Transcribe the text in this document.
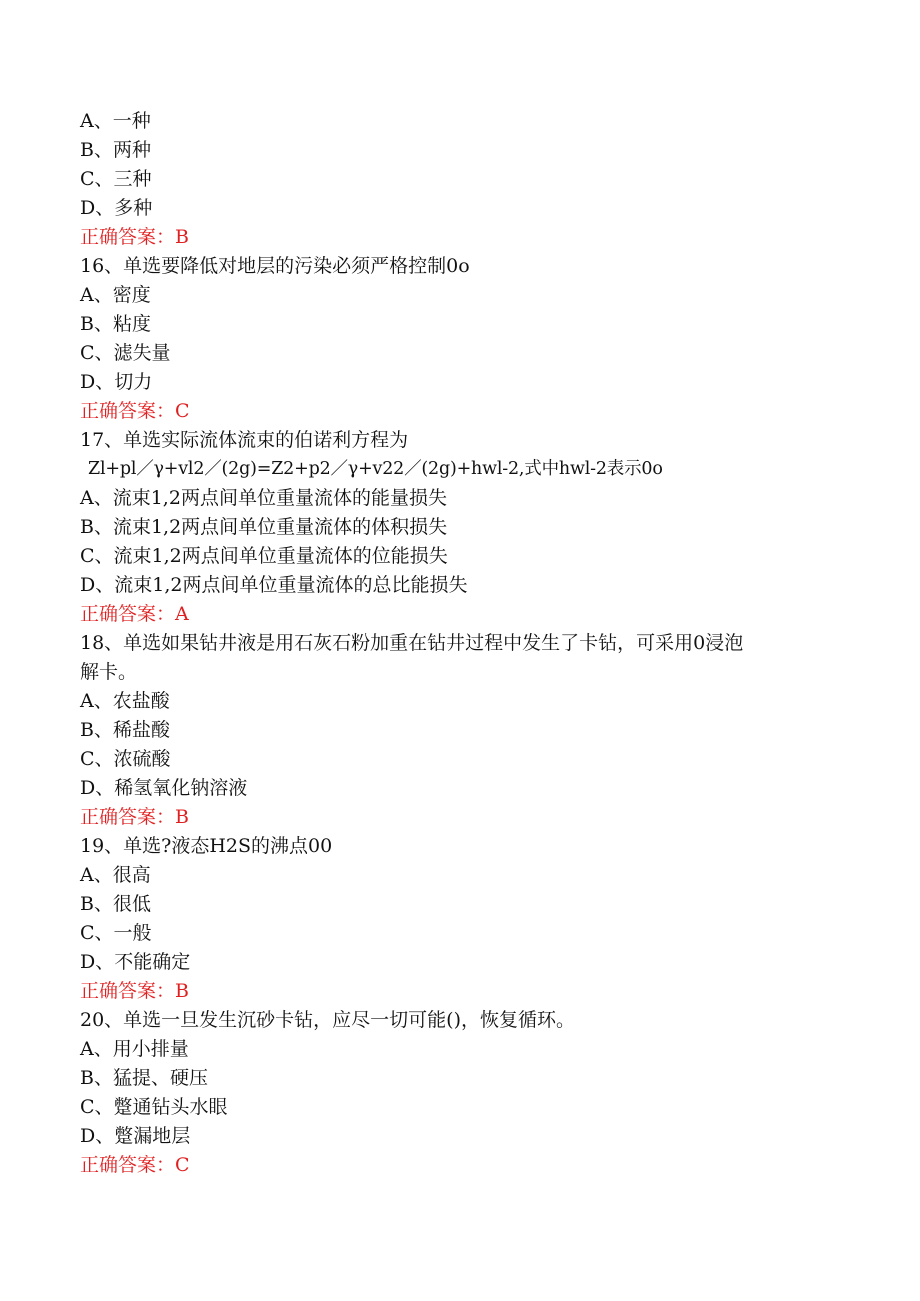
A、一种
B、两种
C、三种
D、多种
正确答案：B
16、单选要降低对地层的污染必须严格控制0o
A、密度
B、粘度
C、滤失量
D、切力
正确答案：C
17、单选实际流体流束的伯诺利方程为
Zl+pl／γ+vl2／(2g)=Z2+p2／γ+v22／(2g)+hwl-2,式中hwl-2表示0o
A、流束1,2两点间单位重量流体的能量损失
B、流束1,2两点间单位重量流体的体积损失
C、流束1,2两点间单位重量流体的位能损失
D、流束1,2两点间单位重量流体的总比能损失
正确答案：A
18、单选如果钻井液是用石灰石粉加重在钻井过程中发生了卡钻，可采用0浸泡
解卡。
A、农盐酸
B、稀盐酸
C、浓硫酸
D、稀氢氧化钠溶液
正确答案：B
19、单选?液态H2S的沸点00
A、很高
B、很低
C、一般
D、不能确定
正确答案：B
20、单选一旦发生沉砂卡钻，应尽一切可能()，恢复循环。
A、用小排量
B、猛提、硬压
C、蹩通钻头水眼
D、蹩漏地层
正确答案：C
